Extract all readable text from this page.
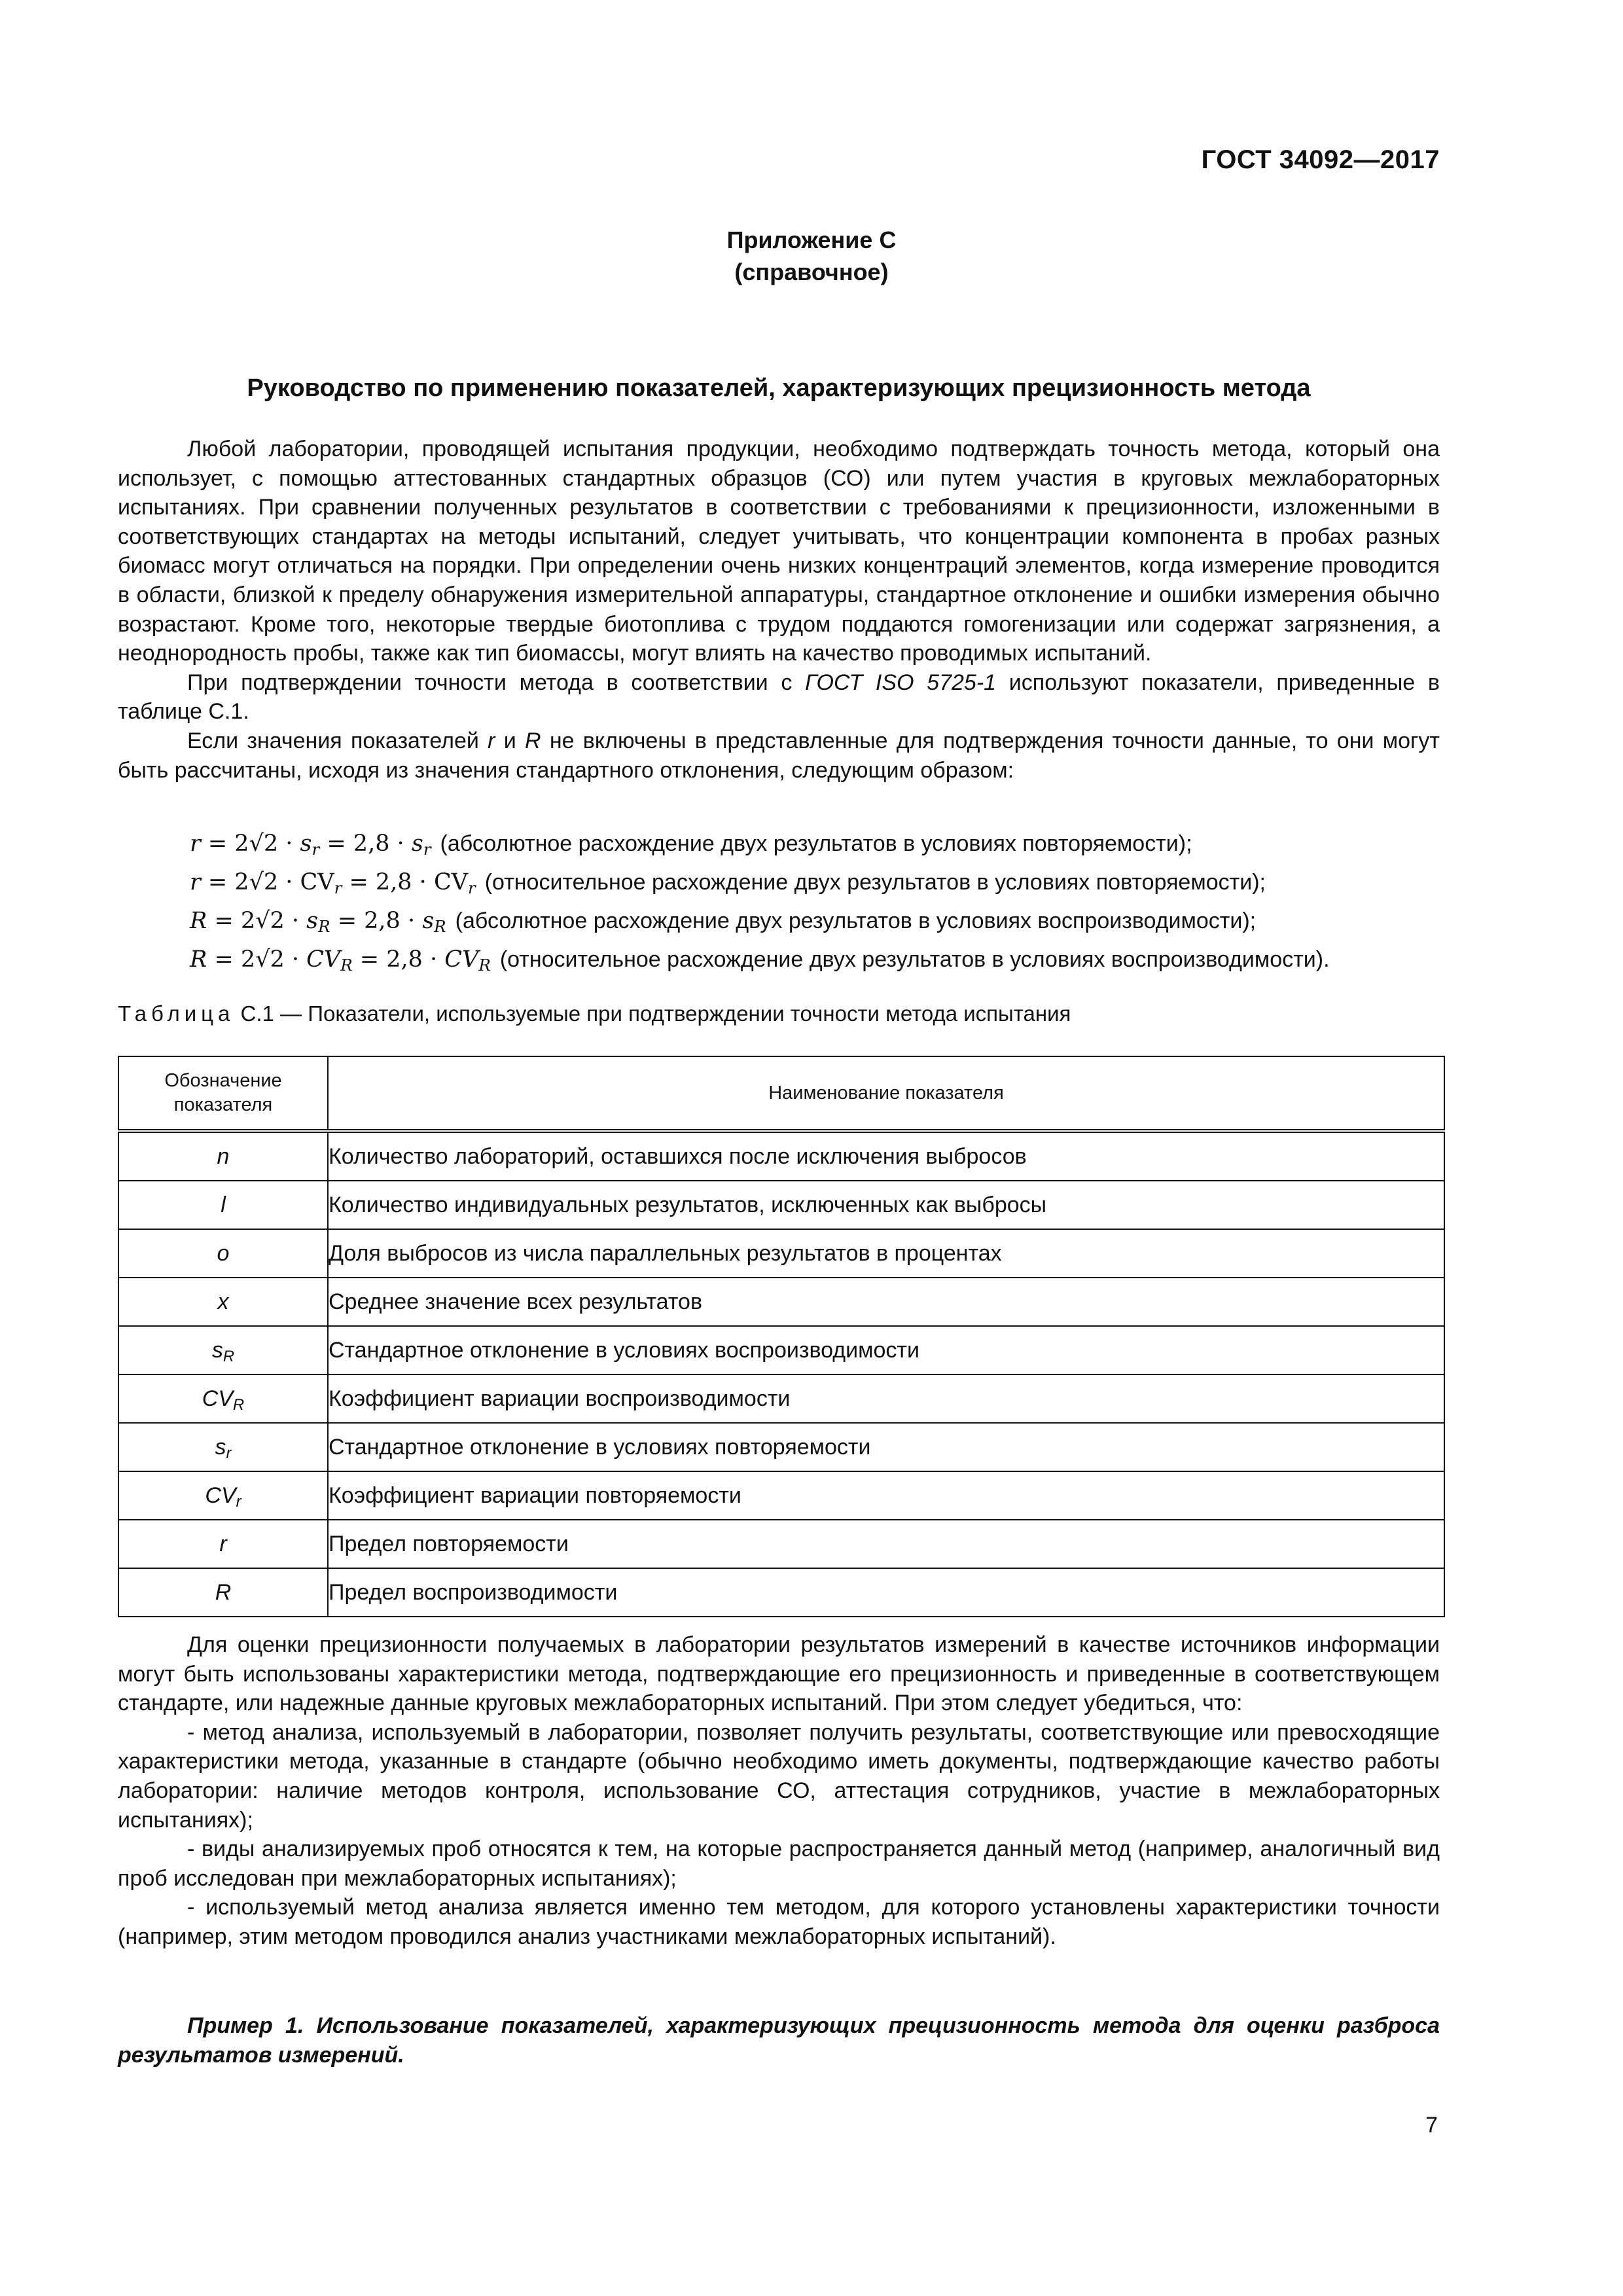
ГОСТ 34092—2017
Приложение С
(справочное)
Руководство по применению показателей, характеризующих прецизионность метода

Любой лаборатории, проводящей испытания продукции, необходимо подтверждать точность метода, который она использует, с помощью аттестованных стандартных образцов (СО) или путем участия в круговых межлабораторных испытаниях. При сравнении полученных результатов в соответствии с требованиями к прецизионности, изложенными в соответствующих стандартах на методы испытаний, следует учитывать, что концентрации компонента в пробах разных биомасс могут отличаться на порядки. При определении очень низких концентраций элементов, когда измерение проводится в области, близкой к пределу обнаружения измерительной аппаратуры, стандартное отклонение и ошибки измерения обычно возрастают. Кроме того, некоторые твердые биотоплива с трудом поддаются гомогенизации или содержат загрязнения, а неоднородность пробы, также как тип биомассы, могут влиять на качество проводимых испытаний.

При подтверждении точности метода в соответствии с ГОСТ ISO 5725-1 используют показатели, приведенные в таблице С.1.

Если значения показателей r и R не включены в представленные для подтверждения точности данные, то они могут быть рассчитаны, исходя из значения стандартного отклонения, следующим образом:

$r = 2√2 \cdot s_r = 2,8 \cdot s_r$ (абсолютное расхождение двух результатов в условиях повторяемости);
$r = 2√2 \cdot CV_r = 2,8 \cdot CV_r$ (относительное расхождение двух результатов в условиях повторяемости);
$R = 2√2 \cdot s_R = 2,8 \cdot s_R$ (абсолютное расхождение двух результатов в условиях воспроизводимости);
$R = 2√2 \cdot CV_R = 2,8 \cdot CV_R$ (относительное расхождение двух результатов в условиях воспроизводимости).
Таблица С.1 — Показатели, используемые при подтверждении точности метода испытания
Обозначение
показателя	Наименование показателя
n	Количество лабораторий, оставшихся после исключения выбросов
l	Количество индивидуальных результатов, исключенных как выбросы
o	Доля выбросов из числа параллельных результатов в процентах
x	Среднее значение всех результатов
$s_R$	Стандартное отклонение в условиях воспроизводимости
$CV_R$	Коэффициент вариации воспроизводимости
$s_r$	Стандартное отклонение в условиях повторяемости
$CV_r$	Коэффициент вариации повторяемости
r	Предел повторяемости
R	Предел воспроизводимости

Для оценки прецизионности получаемых в лаборатории результатов измерений в качестве источников информации могут быть использованы характеристики метода, подтверждающие его прецизионность и приведенные в соответствующем стандарте, или надежные данные круговых межлабораторных испытаний. При этом следует убедиться, что:

- метод анализа, используемый в лаборатории, позволяет получить результаты, соответствующие или превосходящие характеристики метода, указанные в стандарте (обычно необходимо иметь документы, подтверждающие качество работы лаборатории: наличие методов контроля, использование СО, аттестация сотрудников, участие в межлабораторных испытаниях);

- виды анализируемых проб относятся к тем, на которые распространяется данный метод (например, аналогичный вид проб исследован при межлабораторных испытаниях);

- используемый метод анализа является именно тем методом, для которого установлены характеристики точности (например, этим методом проводился анализ участниками межлабораторных испытаний).

Пример 1. Использование показателей, характеризующих прецизионность метода для оценки разброса результатов измерений.
7
